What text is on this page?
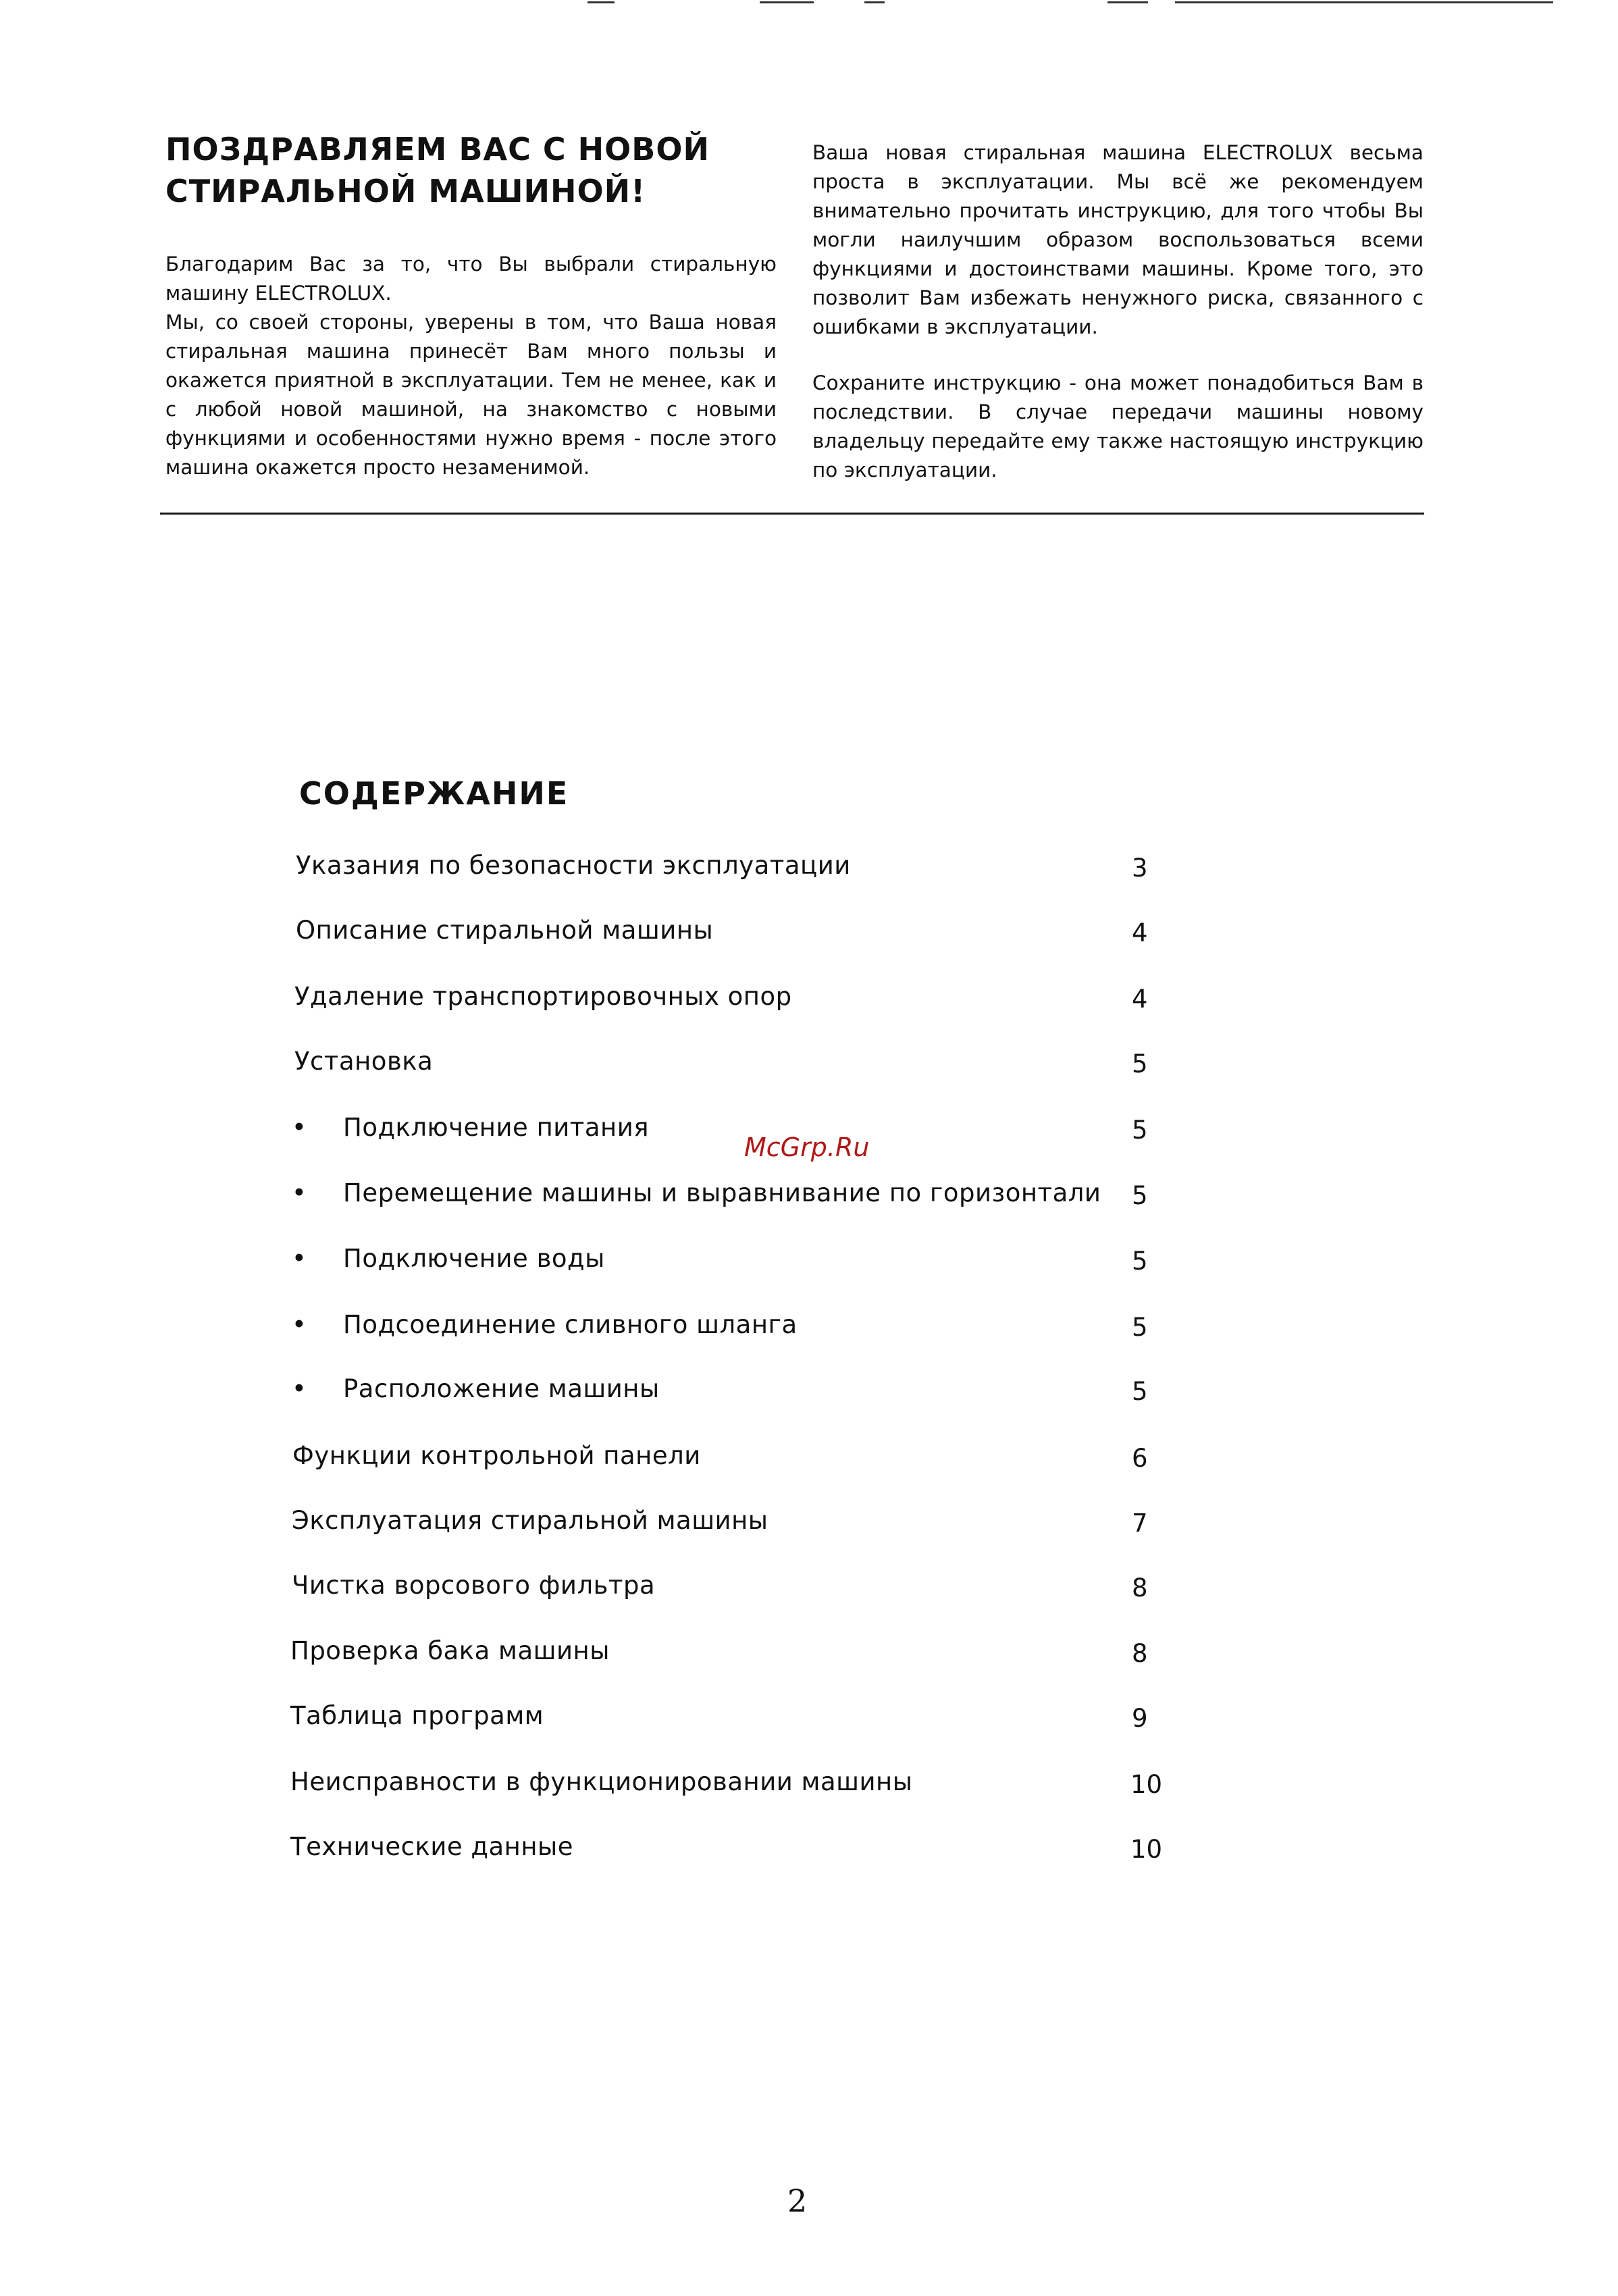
ПОЗДРАВЛЯЕМ ВАС С НОВОЙ
СТИРАЛЬНОЙ МАШИНОЙ!

Благодарим Вас за то, что Вы выбрали стиральную машину ELECTROLUX.

Мы, со своей стороны, уверены в том, что Ваша новая стиральная машина принесёт Вам много пользы и окажется приятной в эксплуатации. Тем не менее, как и с любой новой машиной, на знакомство с новыми функциями и особенностями нужно время - после этого машина окажется просто незаменимой.

Ваша новая стиральная машина ELECTROLUX весьма проста в эксплуатации. Мы всё же рекомендуем внимательно прочитать инструкцию, для того чтобы Вы могли наилучшим образом воспользоваться всеми функциями и достоинствами машины. Кроме того, это позволит Вам избежать ненужного риска, связанного с ошибками в эксплуатации.

Сохраните инструкцию - она может понадобиться Вам в последствии. В случае передачи машины новому владельцу передайте ему также настоящую инструкцию по эксплуатации.

СОДЕРЖАНИЕ
Указания по безопасности эксплуатации	3
Описание стиральной машины	4
Удаление транспортировочных опор	4
Установка	5
• Подключение питания	5
• Перемещение машины и выравнивание по горизонтали 5
• Подключение воды	5
• Подсоединение сливного шланга	5
• Расположение машины	5
Функции контрольной панели	6
Эксплуатация стиральной машины	7
Чистка ворсового фильтра	8
Проверка бака машины	8
Таблица программ	9
Неисправности в функционировании машины	10
Технические данные	10
McGrp.Ru
2
